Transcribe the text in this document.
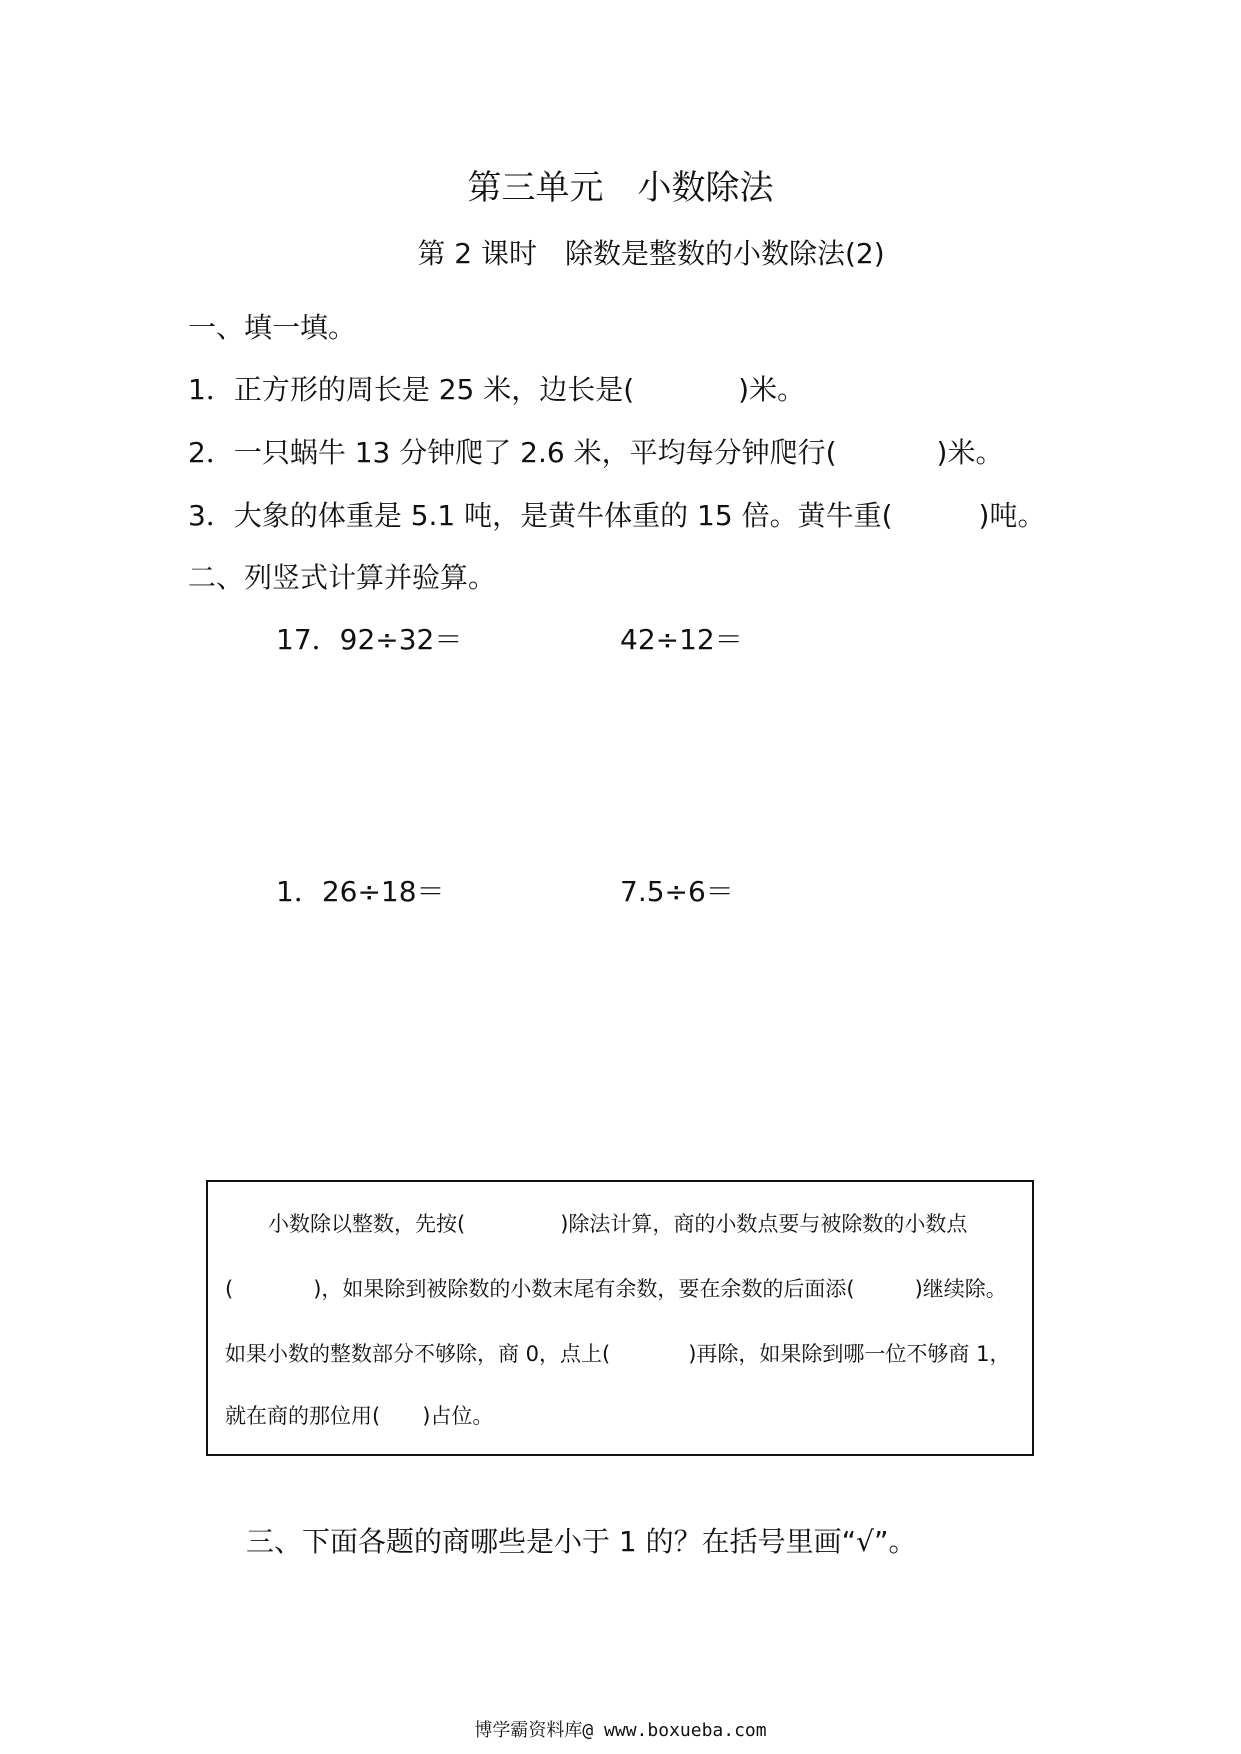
第三单元　小数除法
第 2 课时　除数是整数的小数除法(2)
一、填一填。
1．正方形的周长是 25 米，边长是(	)米。
2．一只蜗牛 13 分钟爬了 2.6 米，平均每分钟爬行(	)米。
3．大象的体重是 5.1 吨，是黄牛体重的 15 倍。黄牛重(	)吨。
二、列竖式计算并验算。
17．92÷32＝	42÷12＝
1．26÷18＝	7.5÷6＝
小数除以整数，先按(	)除法计算，商的小数点要与被除数的小数点
(	)，如果除到被除数的小数末尾有余数，要在余数的后面添(	)继续除。
如果小数的整数部分不够除，商 0，点上(	)再除，如果除到哪一位不够商 1，
就在商的那位用( )占位。
三、下面各题的商哪些是小于 1 的？在括号里画“√”。
博学霸资料库@ www.boxueba.com
